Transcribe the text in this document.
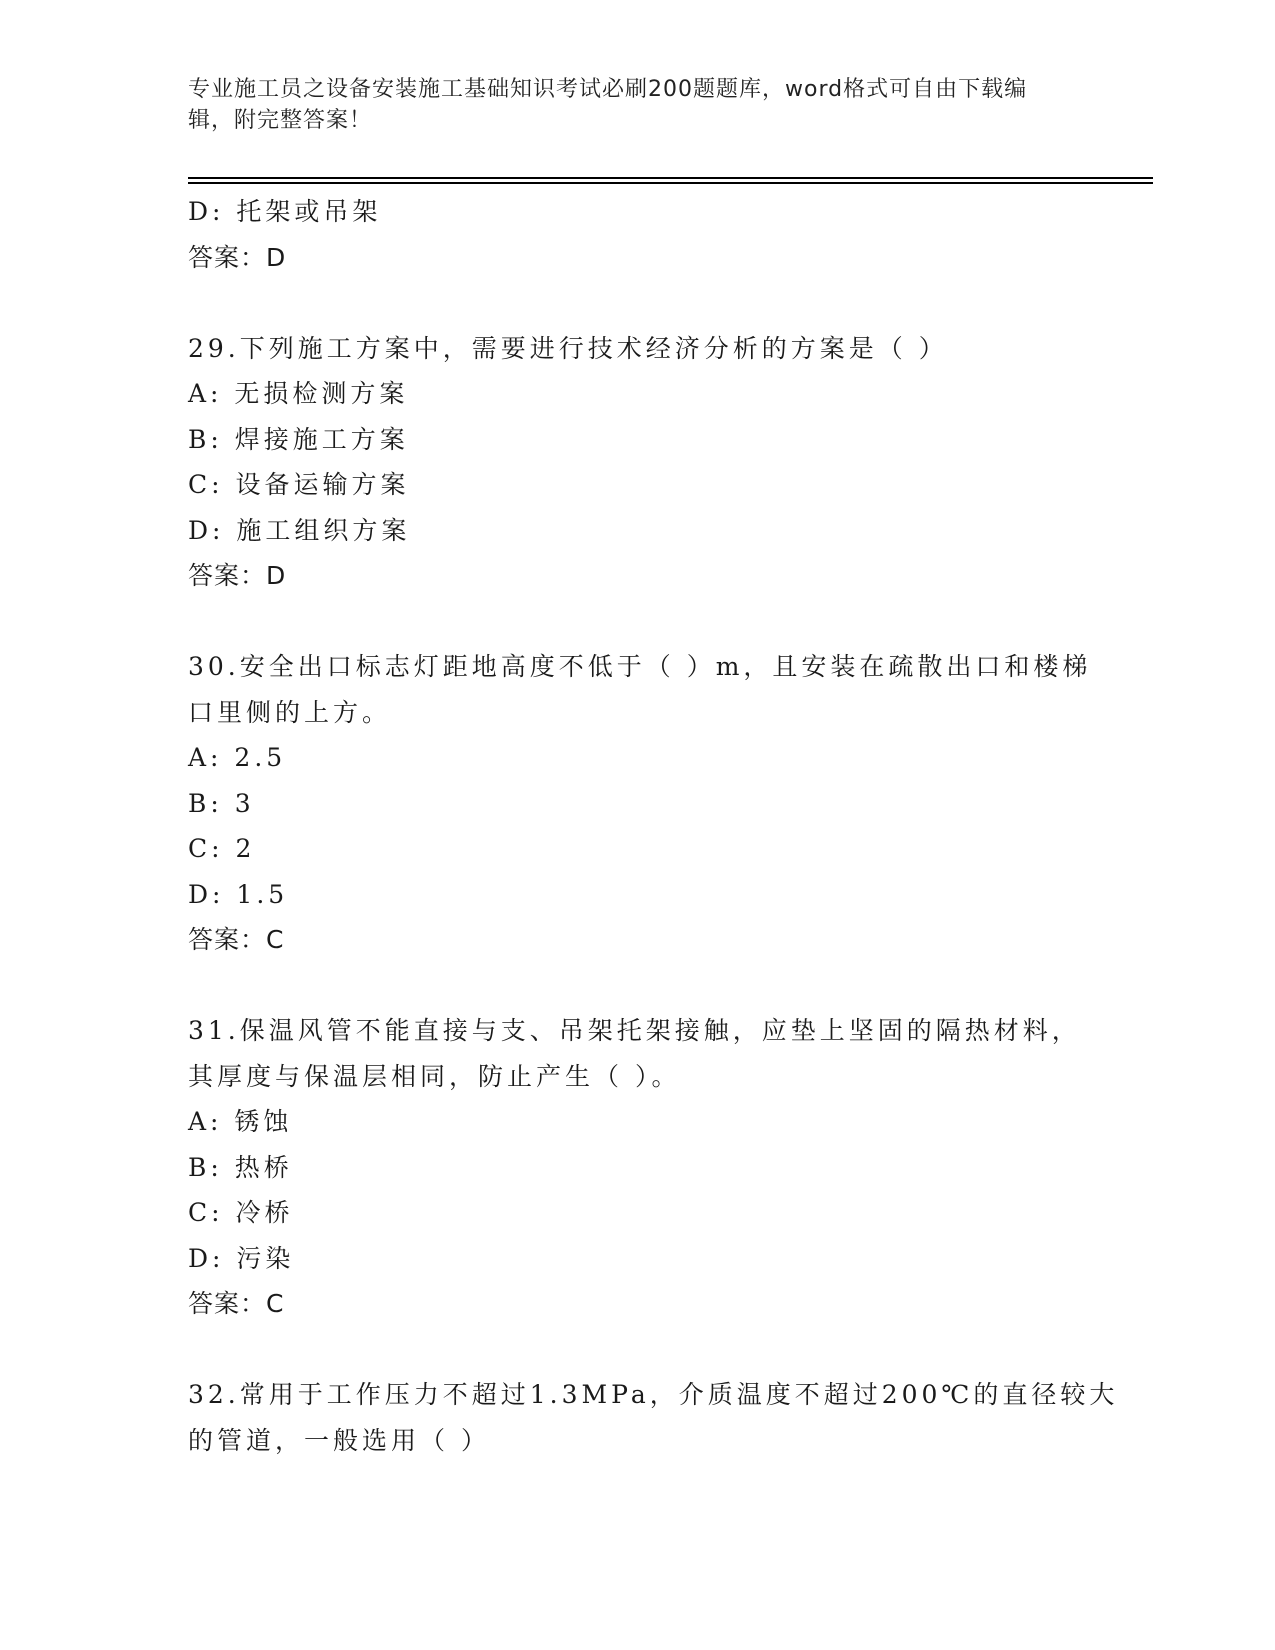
专业施工员之设备安装施工基础知识考试必刷200题题库，word格式可自由下载编辑，附完整答案！
D: 托架或吊架
答案：D
29.下列施工方案中，需要进行技术经济分析的方案是（ ）
A: 无损检测方案
B: 焊接施工方案
C: 设备运输方案
D: 施工组织方案
答案：D
30.安全出口标志灯距地高度不低于（ ）m，且安装在疏散出口和楼梯
口里侧的上方。
A: 2.5
B: 3
C: 2
D: 1.5
答案：C
31.保温风管不能直接与支、吊架托架接触，应垫上坚固的隔热材料，
其厚度与保温层相同，防止产生（ ）。
A: 锈蚀
B: 热桥
C: 冷桥
D: 污染
答案：C
32.常用于工作压力不超过1.3MPa，介质温度不超过200℃的直径较大
的管道，一般选用（ ）
